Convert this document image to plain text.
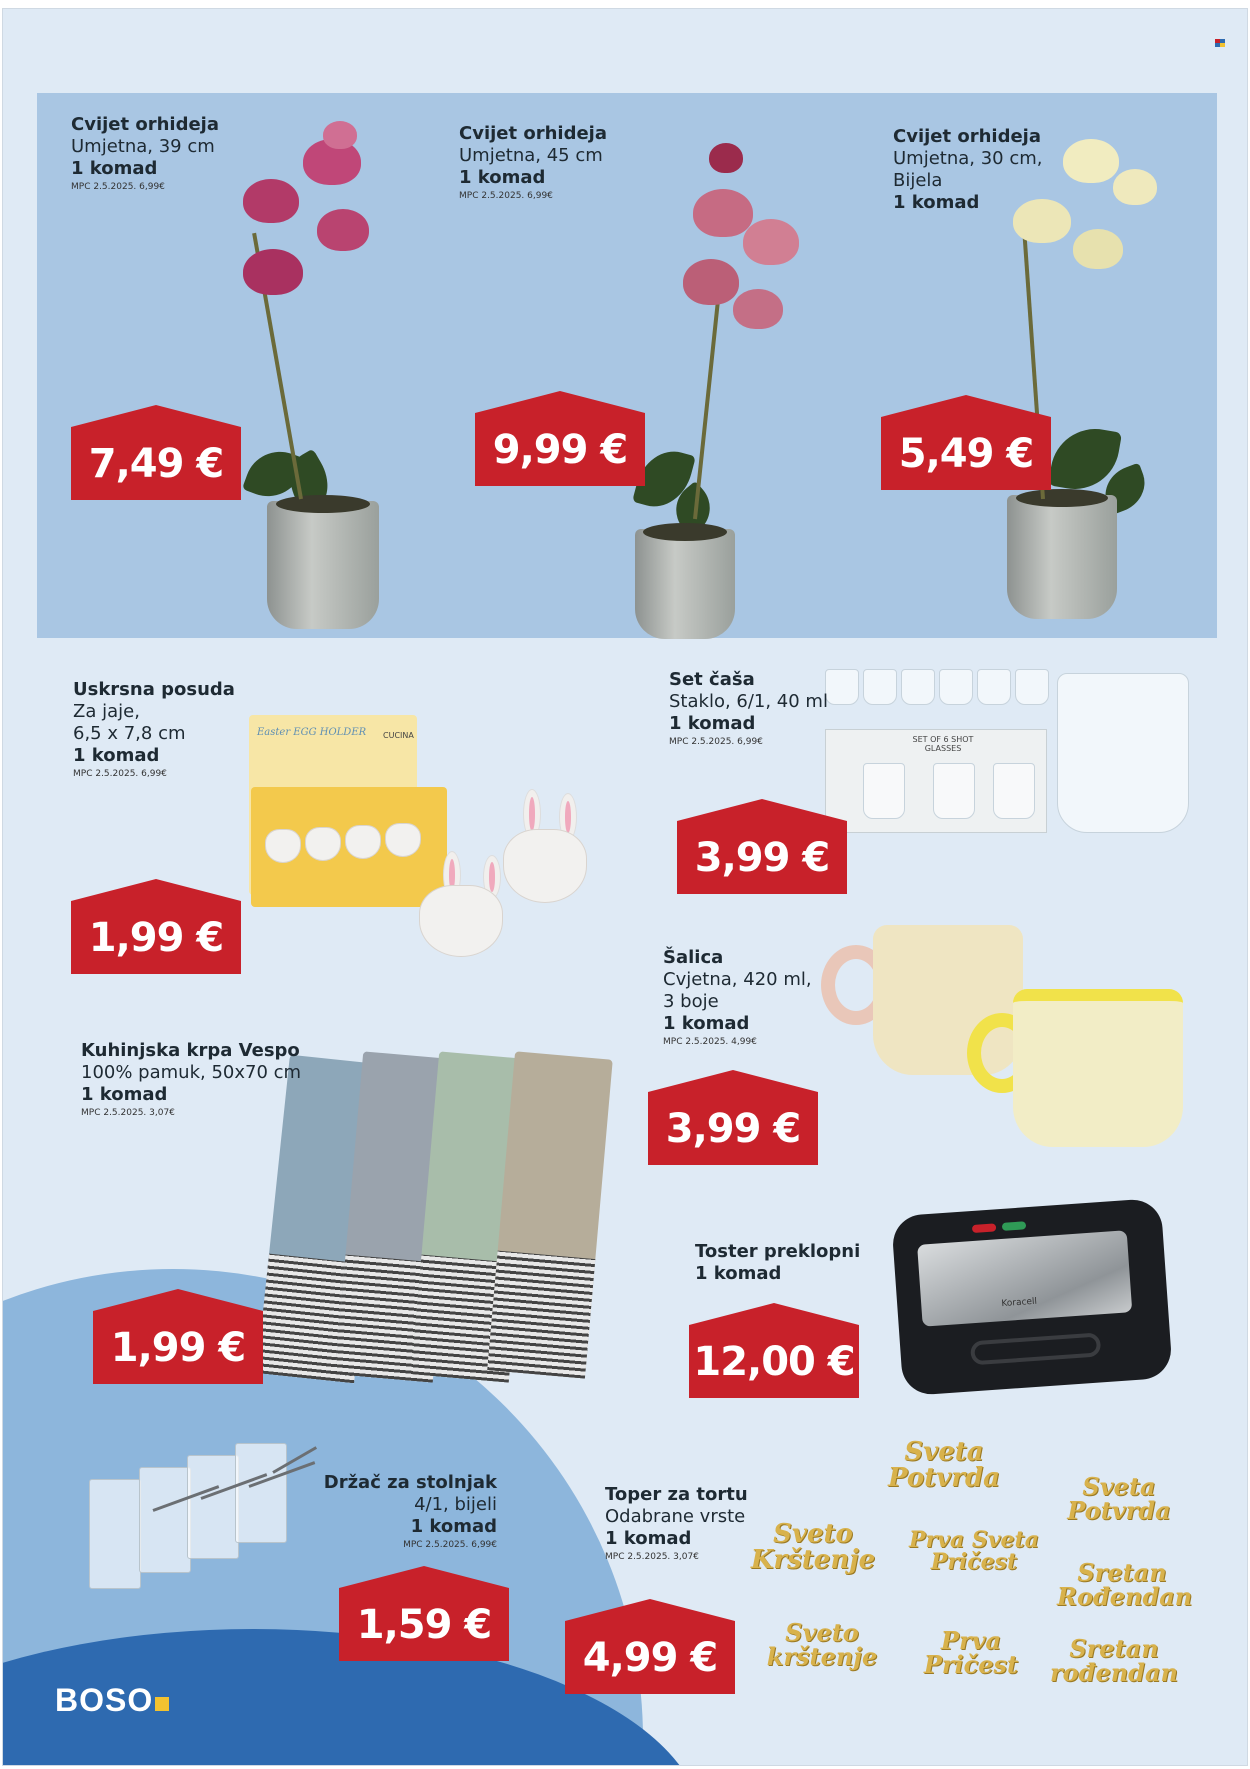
Cvijet orhideja
Umjetna, 39 cm
1 komad
MPC 2.5.2025. 6,99€
7,49 €
Cvijet orhideja
Umjetna, 45 cm
1 komad
MPC 2.5.2025. 6,99€
9,99 €
Cvijet orhideja
Umjetna, 30 cm,
Bijela
1 komad
5,49 €
Easter EGG HOLDER CUCINA
Uskrsna posuda
Za jaje,
6,5 x 7,8 cm
1 komad
MPC 2.5.2025. 6,99€
1,99 €
SET OF 6 SHOT GLASSES
Set čaša
Staklo, 6/1, 40 ml
1 komad
MPC 2.5.2025. 6,99€
3,99 €
Šalica
Cvjetna, 420 ml,
3 boje
1 komad
MPC 2.5.2025. 4,99€
3,99 €
Kuhinjska krpa Vespo
100% pamuk, 50x70 cm
1 komad
MPC 2.5.2025. 3,07€
1,99 €
Koracell
Toster preklopni
1 komad
12,00 €
Držač za stolnjak
4/1, bijeli
1 komad
MPC 2.5.2025. 6,99€
1,59 €
Toper za tortu
Odabrane vrste
1 komad
MPC 2.5.2025. 3,07€
4,99 €
Sveta Potvrda	Sveta Potvrda
Sveto Krštenje
Prva Sveta Pričest	Sretan Rođendan
Sveto krštenje
Prva Pričest
Sretan rođendan
BOSO
